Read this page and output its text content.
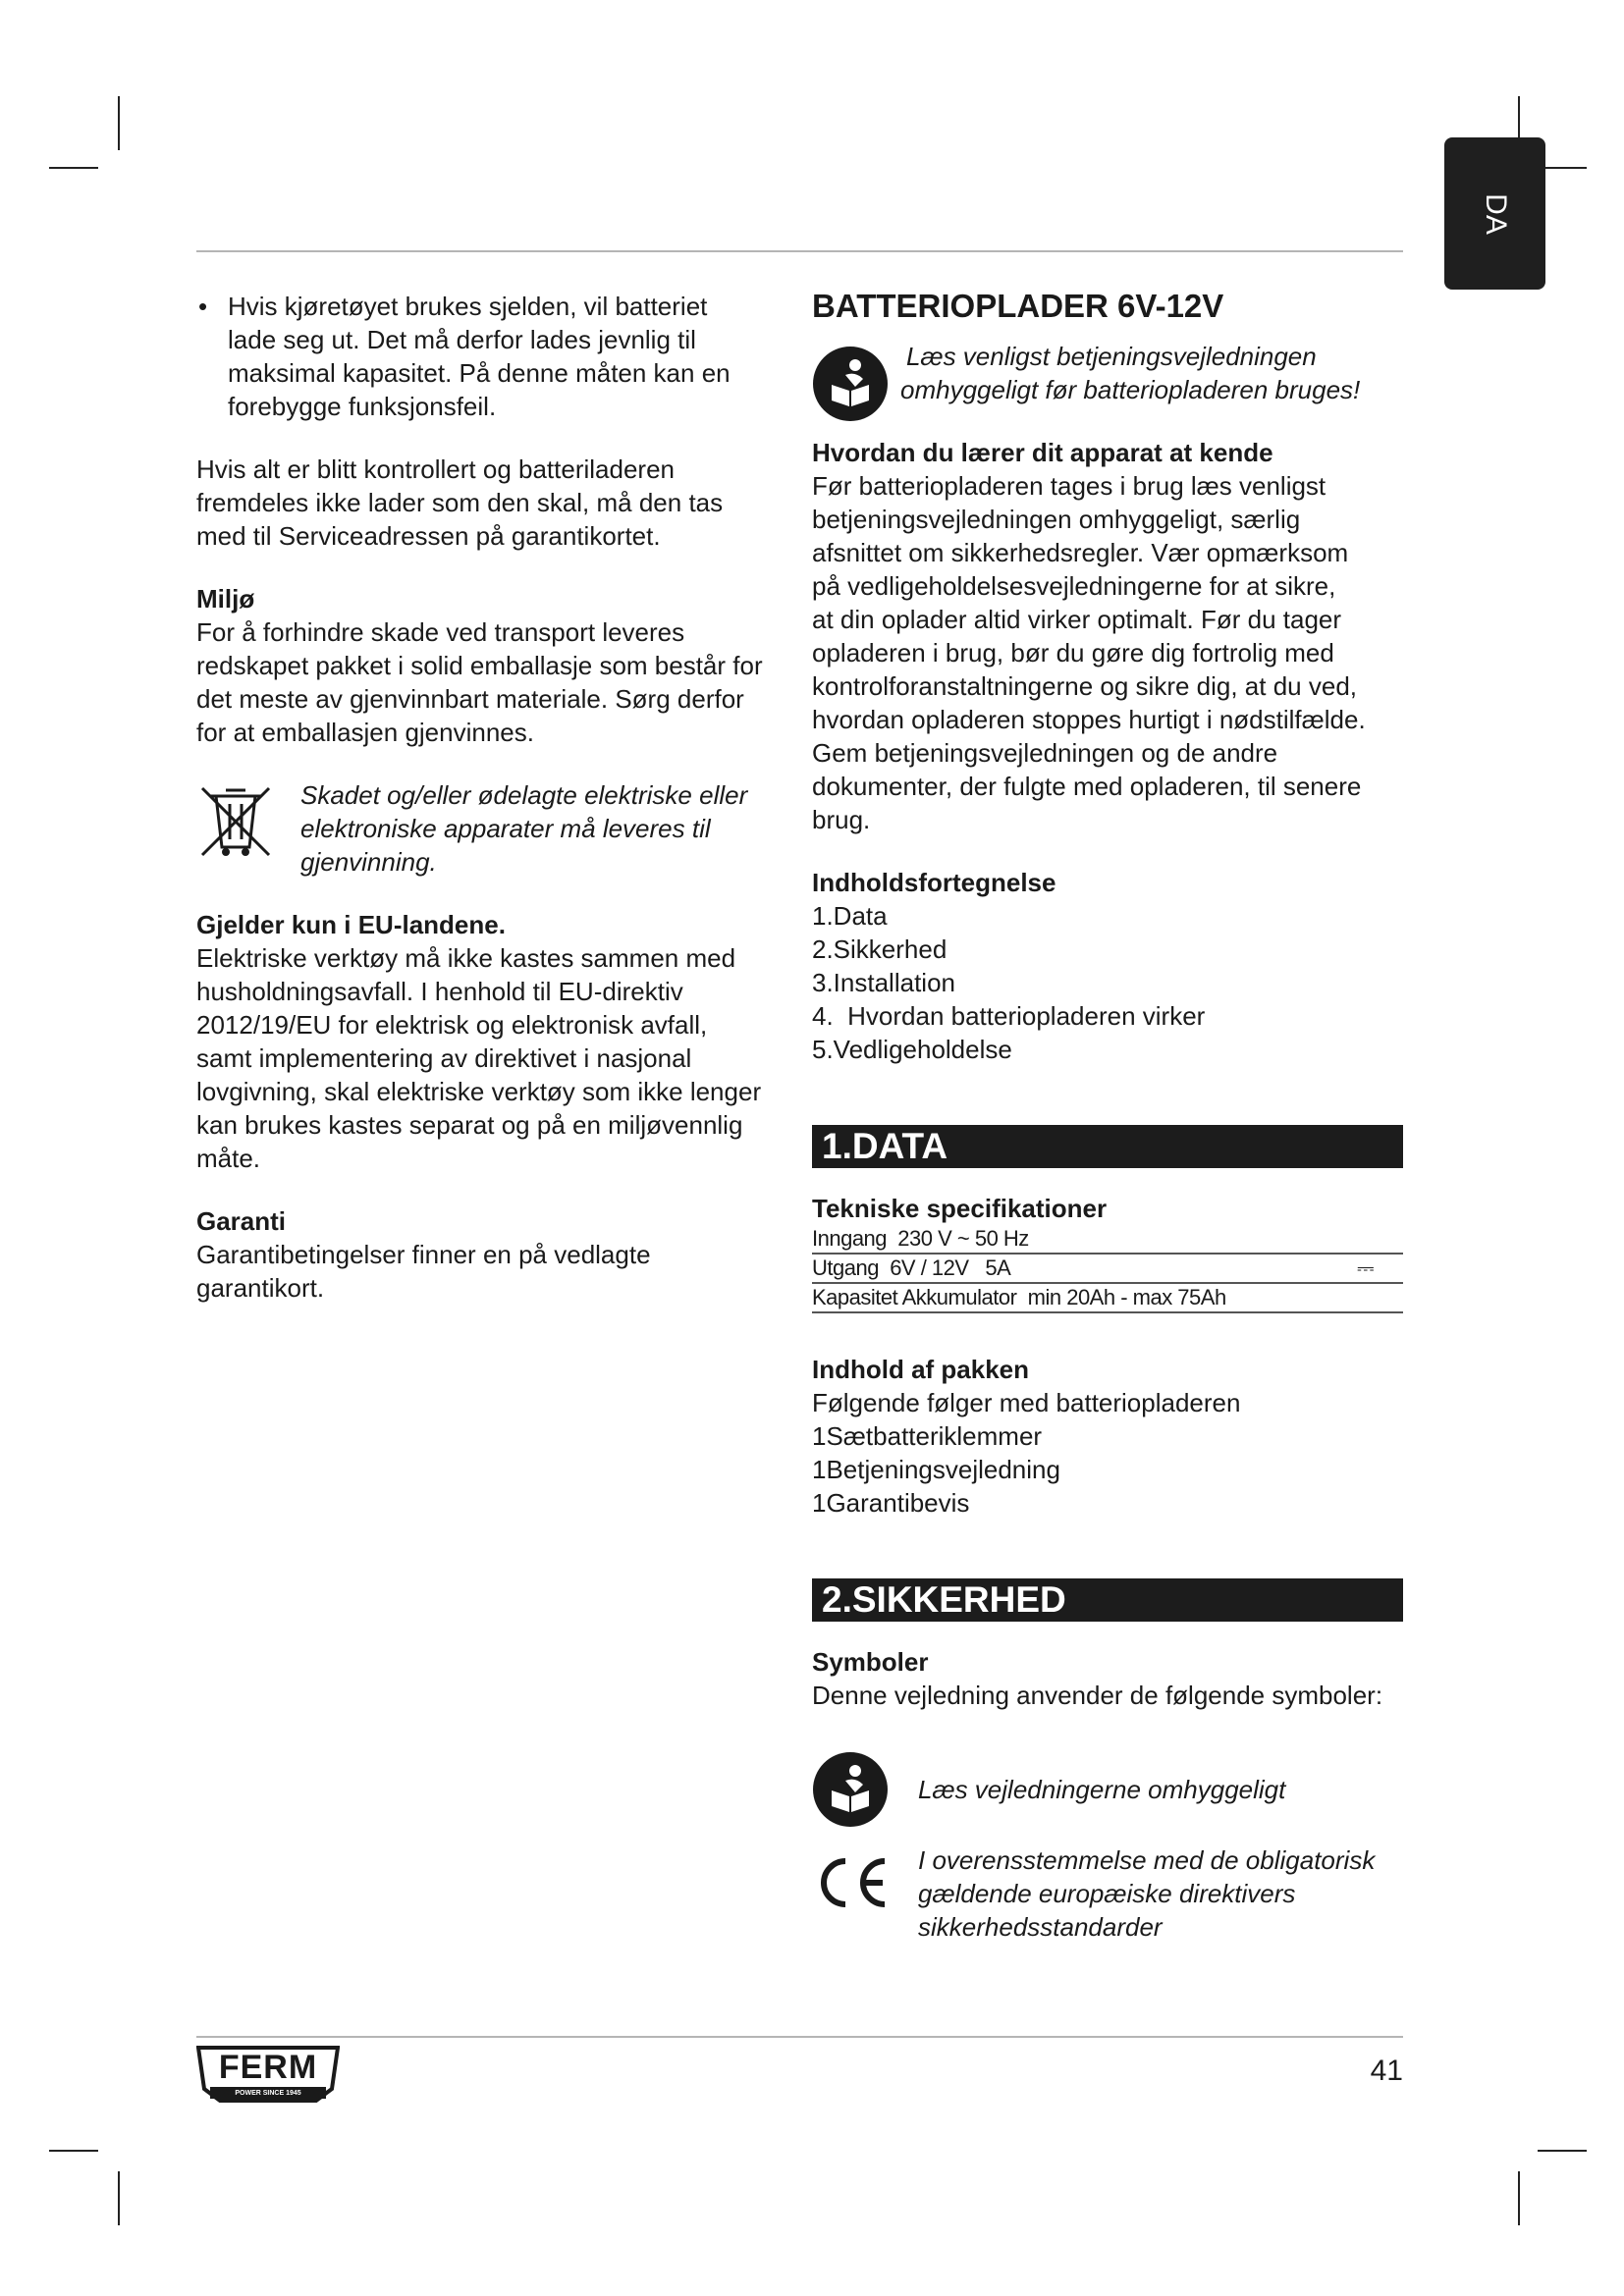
DA
• Hvis kjøretøyet brukes sjelden, vil batteriet

lade seg ut. Det må derfor lades jevnlig til

maksimal kapasitet. På denne måten kan en

forebygge funksjonsfeil.

Hvis alt er blitt kontrollert og batteriladeren

fremdeles ikke lader som den skal, må den tas

med til Serviceadressen på garantikortet.

Miljø

For å forhindre skade ved transport leveres

redskapet pakket i solid emballasje som består for

det meste av gjenvinnbart materiale. Sørg derfor

for at emballasjen gjenvinnes.

Skadet og/eller ødelagte elektriske eller

elektroniske apparater må leveres til

gjenvinning.

Gjelder kun i EU-landene.

Elektriske verktøy må ikke kastes sammen med

husholdningsavfall. I henhold til EU-direktiv

2012/19/EU for elektrisk og elektronisk avfall,

samt implementering av direktivet i nasjonal

lovgivning, skal elektriske verktøy som ikke lenger

kan brukes kastes separat og på en miljøvennlig

måte.

Garanti

Garantibetingelser finner en på vedlagte

garantikort.

BATTERIOPLADER 6V-12V

Læs venligst betjeningsvejledningen

omhyggeligt før batteriopladeren bruges!

Hvordan du lærer dit apparat at kende

Før batteriopladeren tages i brug læs venligst

betjeningsvejledningen omhyggeligt, særlig

afsnittet om sikkerhedsregler. Vær opmærksom

på vedligeholdelsesvejledningerne for at sikre,

at din oplader altid virker optimalt. Før du tager

opladeren i brug, bør du gøre dig fortrolig med

kontrolforanstaltningerne og sikre dig, at du ved,

hvordan opladeren stoppes hurtigt i nødstilfælde.

Gem betjeningsvejledningen og de andre

dokumenter, der fulgte med opladeren, til senere

brug.

Indholdsfortegnelse

1.Data

2.Sikkerhed

3.Installation

4.  Hvordan batteriopladeren virker

5.Vedligeholdelse

1.DATA

Tekniske specifikationer

Inngang 230 V ~ 50 Hz	
Utgang 6V / 12V   5A	⎓
Kapasitet Akkumulator min 20Ah - max 75Ah	

Indhold af pakken

Følgende følger med batteriopladeren

1Sætbatteriklemmer

1Betjeningsvejledning

1Garantibevis

2.SIKKERHED

Symboler

Denne vejledning anvender de følgende symboler:

Læs vejledningerne omhyggeligt

I overensstemmelse med de obligatorisk

gældende europæiske direktivers

sikkerhedsstandarder

FERM
POWER SINCE 1945
41
